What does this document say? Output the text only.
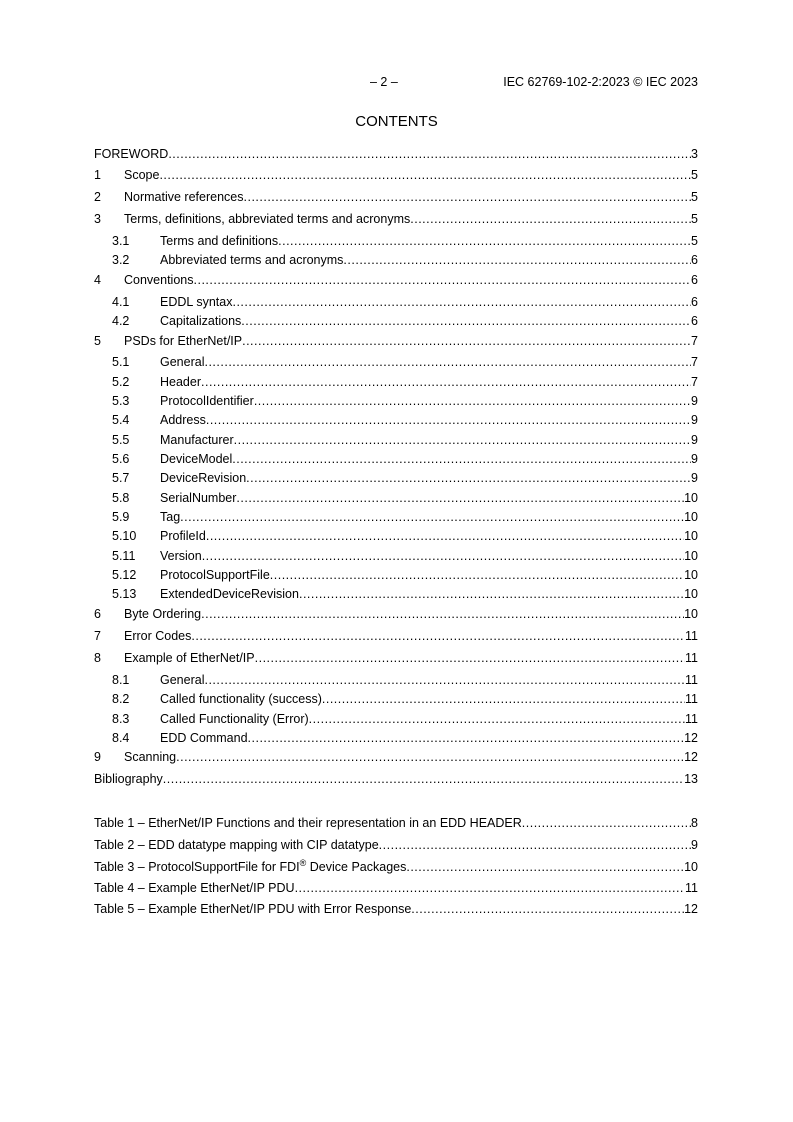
– 2 –	IEC 62769-102-2:2023 © IEC 2023
CONTENTS
FOREWORD .....	3
1	Scope .....	5
2	Normative references .....	5
3	Terms, definitions, abbreviated terms and acronyms .....	5
3.1	Terms and definitions .....	5
3.2	Abbreviated terms and acronyms .....	6
4	Conventions .....	6
4.1	EDDL syntax .....	6
4.2	Capitalizations .....	6
5	PSDs for EtherNet/IP .....	7
5.1	General .....	7
5.2	Header .....	7
5.3	ProtocolIdentifier .....	9
5.4	Address .....	9
5.5	Manufacturer .....	9
5.6	DeviceModel .....	9
5.7	DeviceRevision .....	9
5.8	SerialNumber .....	10
5.9	Tag .....	10
5.10	ProfileId .....	10
5.11	Version .....	10
5.12	ProtocolSupportFile .....	10
5.13	ExtendedDeviceRevision .....	10
6	Byte Ordering .....	10
7	Error Codes .....	11
8	Example of EtherNet/IP .....	11
8.1	General .....	11
8.2	Called functionality (success) .....	11
8.3	Called Functionality (Error) .....	11
8.4	EDD Command .....	12
9	Scanning .....	12
Bibliography .....	13
Table 1 – EtherNet/IP Functions and their representation in an EDD HEADER .....	8
Table 2 – EDD datatype mapping with CIP datatype .....	9
Table 3 – ProtocolSupportFile for FDI® Device Packages .....	10
Table 4 – Example EtherNet/IP PDU .....	11
Table 5 – Example EtherNet/IP PDU with Error Response .....	12
